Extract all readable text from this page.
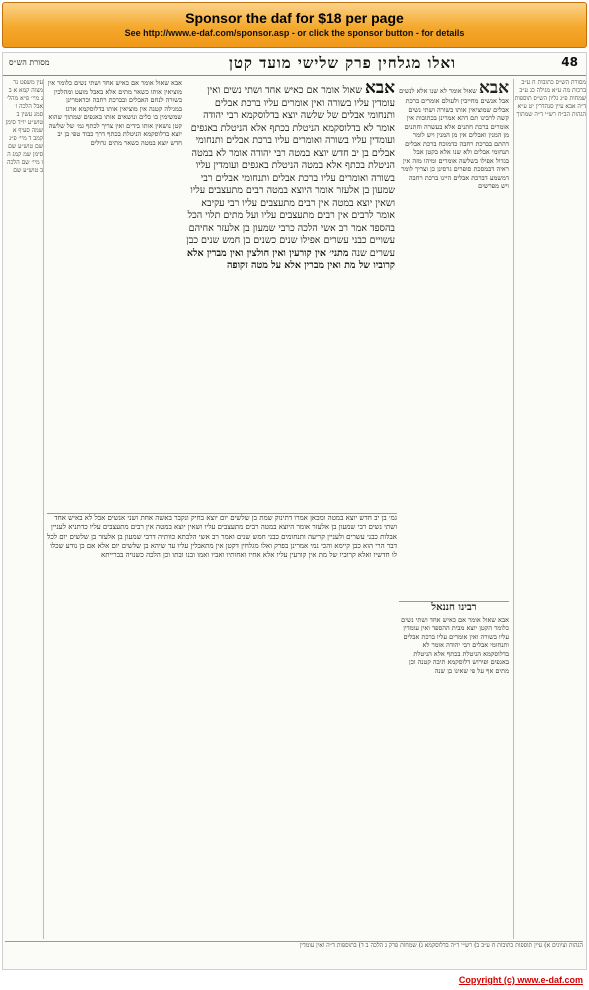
Sponsor the daf for $18 per page
See http://www.e-daf.com/sponsor.asp - or click the sponsor button - for details
48
ואלו מגלחין פרק שלישי מועד קטן
מסורת הש״ס
מסורת הש״ס כתובות ח ע״ב ברכות מה ע״א מגילה כג ע״ב שמחות פ״ג גליון הש״ס תוספות ד״ה אבא עיין סנהדרין יט ע״א הגהות הב״ח רש״י ד״ה שמתוך
אבא שאול אומר לא שנו אלא לנשים אבל אנשים מחייבין ולעולם אומרים ברכת אבלים שמוציאין אותו בשורה ושתי נשים קשה לרבינו תם דהא אמרינן בכתובות אין אומרים ברכת חתנים אלא בעשרה וחתנים מן המנין ואבלים אין מן המנין ויש לומר דהתם בברכת רחבה כדמוכח ברכת אבלים תנחומי אבלים ולא שנו אלא בקטן אבל בגדול אפילו בשלשה אומרים ומיהו מזה אין ראיה דבמסכת סופרים גרסינן כן וצריך לומר דמשמע דברכת אבלים היינו ברכת רחבה ויש מפרשים
אבא שאול אומר אם כאיש אחד ושתי נשים ואין עומדין עליו בשורה ואין אומרים עליו ברכת אבלים ותנחומי אבלים של שלשה יוצא בדלוסקמא רבי יהודה אומר לא בדלוסקמא הניטלת בכתף אלא הניטלת באגפים ועומדין עליו בשורה ואומרים עליו ברכת אבלים ותנחומי אבלים בן יב חדש יוצא במטה רבי יהודה אומר לא במטה הניטלת בכתף אלא במטה הניטלת באגפים ועומדין עליו בשורה ואומרים עליו ברכת אבלים ותנחומי אבלים רבי שמעון בן אלעזר אומר היוצא במטה רבים מתעצבים עליו ושאין יוצא במטה אין רבים מתעצבים עליו רבי עקיבא אומר לרבים אין רבים מתעצבים עליו ועל מתים תלוי הכל בהספד אמר רב אשי הלכה כרבי שמעון בן אלעזר אחיהם עשויים כבני עשרים אפילו שנים כשנים בן חמש שנים כבן עשרים שנה מתני׳ אין קורעין ואין חולצין ואין מברין אלא קרוביו של מת ואין מברין אלא על מטה זקופה
אבא שאול אומר אם כאיש אחד ושתי נשים כלומר אין מוציאין אותו כשאר מתים אלא באבל מועט ומהלכין בשורה לנחם האבלים ובברכת רחבה וכדאמרינן במגילה קטנה אין מוציאין אותו בדלוסקמא ארגז שמשימין בו כלים ונושאים אותו באגפים שמתוך שהוא קטן נושאין אותו בידים ואין צריך לכתף גמ׳ של שלשה יוצא בדלוסקמא הניטלת בכתף דרך כבוד טפי בן יב חדש יוצא במטה כשאר מתים גדולים
עין משפט נר מצוה קמא א ב ג מיי׳ פ״א מהל׳ אבל הלכה ו סמג עשין ב טוש״ע יו״ד סימן שמה סעיף א קמב ד מיי׳ פ״ג שם טוש״ע שם סימן שמ קמג ה ו מיי׳ שם הלכה ב טוש״ע שם
גמ׳ בן יב חדש יוצא במטה ומכאן אמרו דתינוק שמת בן שלשים יום יוצא בחיק ונקבר באשה אחת ושני אנשים אבל לא באיש אחד ושתי נשים רבי שמעון בן אלעזר אומר היוצא במטה רבים מתעצבים עליו ושאין יוצא במטה אין רבים מתעצבים עליו כדתניא לעניין אבלות כבני עשרים ולעניין קריעה ותנחומים כבני חמש שנים ואמר רב אשי הלכתא כוותיה דרבי שמעון בן אלעזר בן שלשים יום לכל דבר הרי הוא כבן קיימא והכי נמי אמרינן בפרק ואלו מגלחין דקטן אין מתאבלין עליו עד שיהא בן שלשים יום אלא אם כן נודע שכלו לו חדשיו ואלא קרוביו של מת אין קורעין עליו אלא אחיו ואחותיו ואביו ואמו ובנו ובתו וכן הלכה כשנויה בברייתא
רבינו חננאל
אבא שאול אומר אם כאיש אחד ושתי נשים כלומר הקטן יוצא מבית ההספד ואין עומדין עליו בשורה ואין אומרים עליו ברכת אבלים ותנחומי אבלים רבי יהודה אומר לא בדלוסקמא הניטלת בכתף אלא הניטלת באגפים ופירוש דלוסקמא תיבה קטנה וכן מתים אף על פי שאינו בן שנה
הגהות וציונים א) עיין תוספות כתובות ח ע״ב ב) רש״י ד״ה בדלוסקמא ג) שמחות פרק ג הלכה ב ד) בתוספות ד״ה ואין עומדין
Copyright (c) www.e-daf.com
